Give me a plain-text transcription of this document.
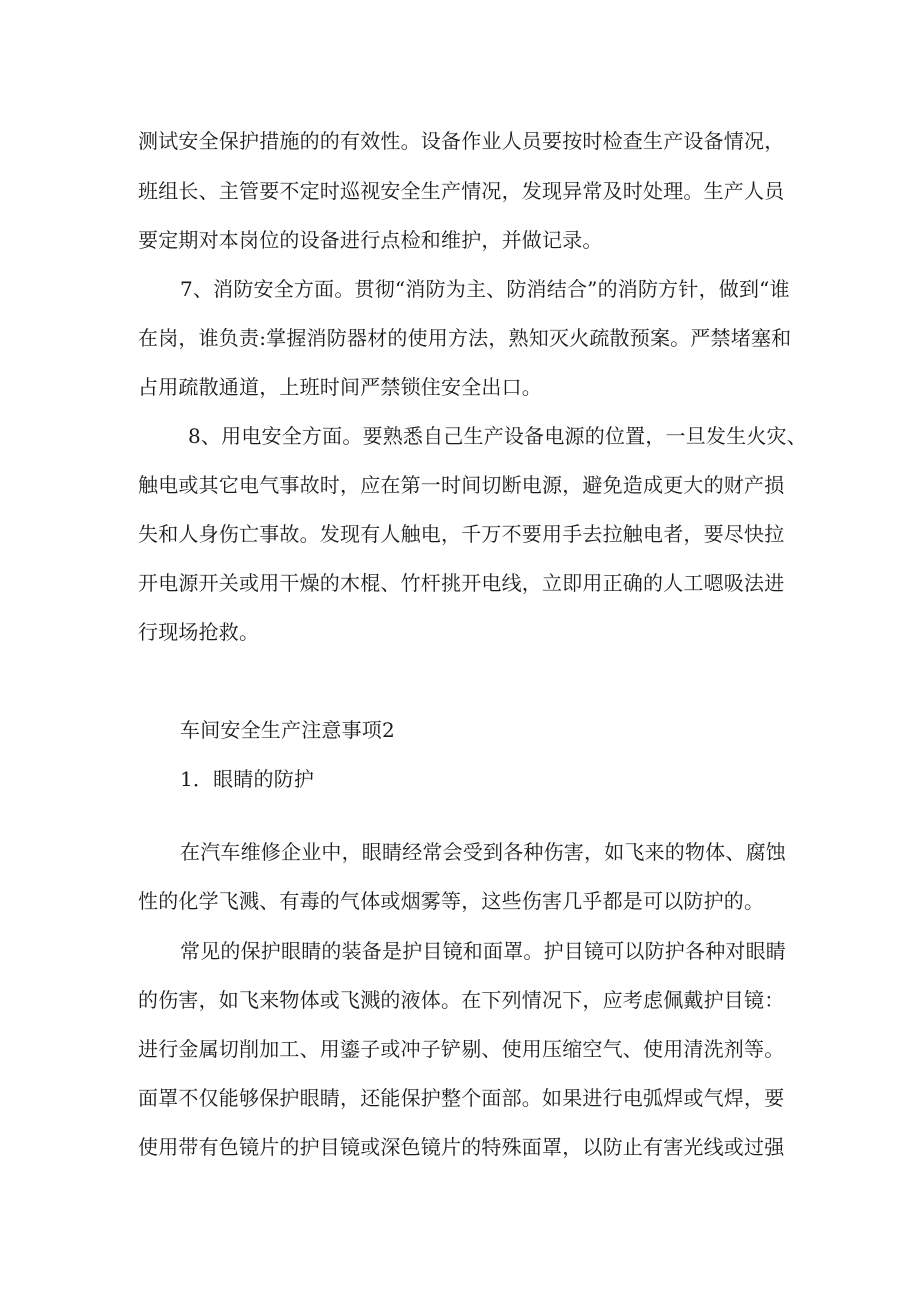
测试安全保护措施的的有效性。设备作业人员要按时检查生产设备情况，
班组长、主管要不定时巡视安全生产情况，发现异常及时处理。生产人员
要定期对本岗位的设备进行点检和维护，并做记录。
7、消防安全方面。贯彻“消防为主、防消结合”的消防方针，做到“谁
在岗，谁负责:掌握消防器材的使用方法，熟知灭火疏散预案。严禁堵塞和
占用疏散通道，上班时间严禁锁住安全出口。
8、用电安全方面。要熟悉自己生产设备电源的位置，一旦发生火灾、
触电或其它电气事故时，应在第一时间切断电源，避免造成更大的财产损
失和人身伤亡事故。发现有人触电，千万不要用手去拉触电者，要尽快拉
开电源开关或用干燥的木棍、竹杆挑开电线，立即用正确的人工嗯吸法进
行现场抢救。
车间安全生产注意事项2
1．眼睛的防护
在汽车维修企业中，眼睛经常会受到各种伤害，如飞来的物体、腐蚀
性的化学飞溅、有毒的气体或烟雾等，这些伤害几乎都是可以防护的。
常见的保护眼睛的装备是护目镜和面罩。护目镜可以防护各种对眼睛
的伤害，如飞来物体或飞溅的液体。在下列情况下，应考虑佩戴护目镜：
进行金属切削加工、用鎏子或冲子铲剔、使用压缩空气、使用清洗剂等。
面罩不仅能够保护眼睛，还能保护整个面部。如果进行电弧焊或气焊，要
使用带有色镜片的护目镜或深色镜片的特殊面罩，以防止有害光线或过强
